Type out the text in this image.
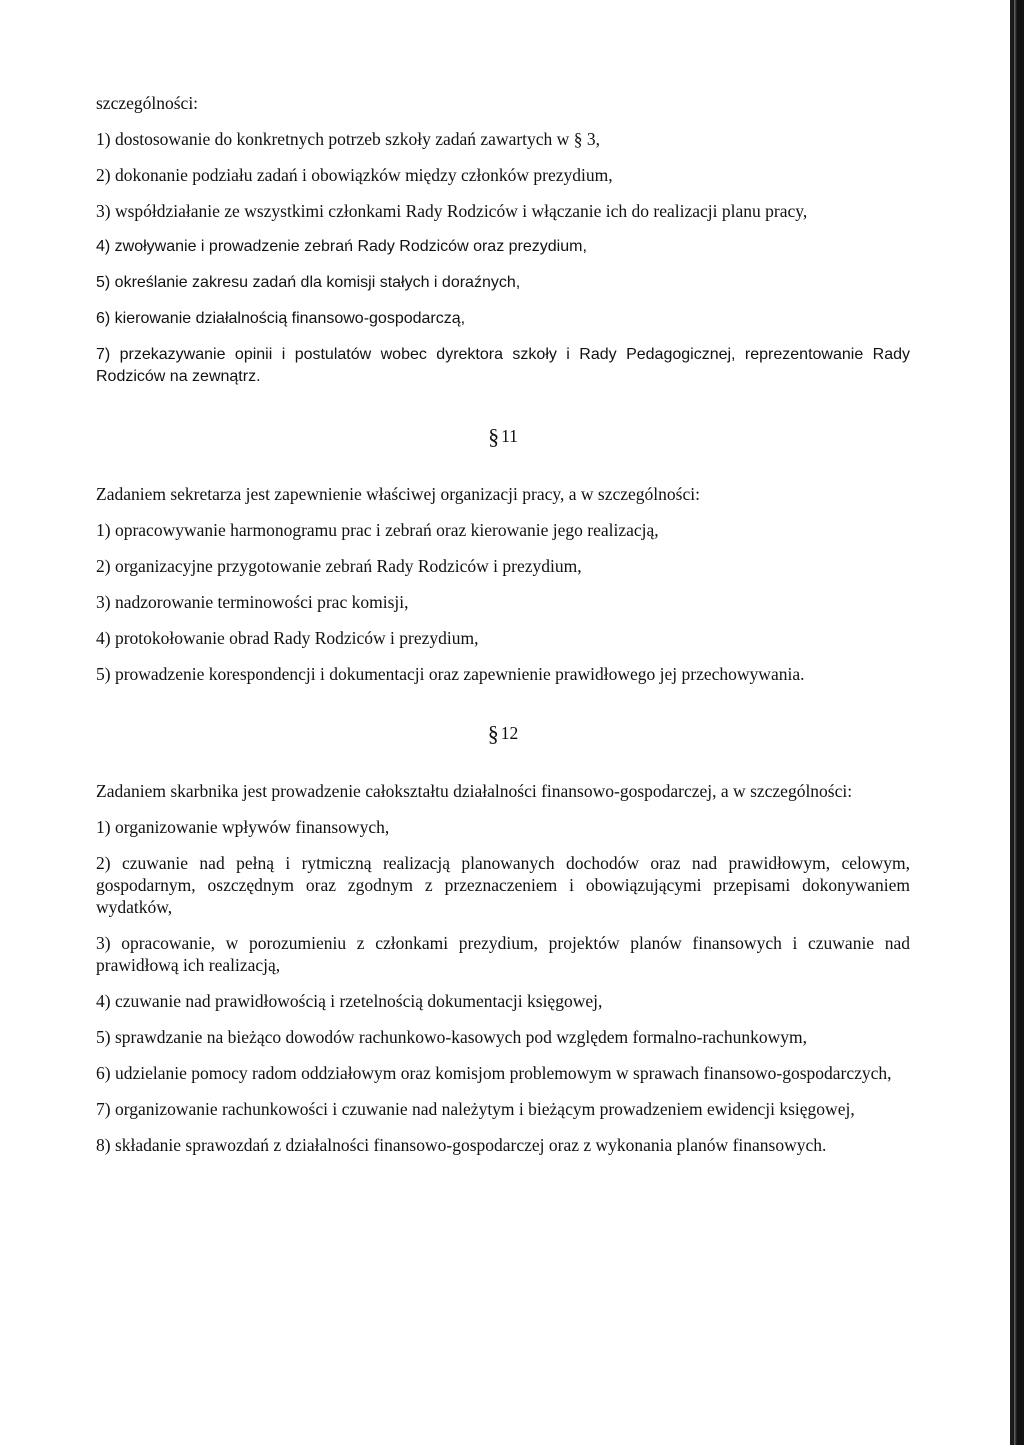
szczególności:

1) dostosowanie do konkretnych potrzeb szkoły zadań zawartych w § 3,

2) dokonanie podziału zadań i obowiązków między członków prezydium,

3) współdziałanie ze wszystkimi członkami Rady Rodziców i włączanie ich do realizacji planu pracy,

4) zwoływanie i prowadzenie zebrań Rady Rodziców oraz prezydium,

5) określanie zakresu zadań dla komisji stałych i doraźnych,

6) kierowanie działalnością finansowo-gospodarczą,

7) przekazywanie opinii i postulatów wobec dyrektora szkoły i Rady Pedagogicznej, reprezentowanie Rady Rodziców na zewnątrz.

§ 11

Zadaniem sekretarza jest zapewnienie właściwej organizacji pracy, a w szczególności:

1) opracowywanie harmonogramu prac i zebrań oraz kierowanie jego realizacją,

2) organizacyjne przygotowanie zebrań Rady Rodziców i prezydium,

3) nadzorowanie terminowości prac komisji,

4) protokołowanie obrad Rady Rodziców i prezydium,

5) prowadzenie korespondencji i dokumentacji oraz zapewnienie prawidłowego jej przechowywania.

§ 12

Zadaniem skarbnika jest prowadzenie całokształtu działalności finansowo-gospodarczej, a w szczególności:

1) organizowanie wpływów finansowych,

2) czuwanie nad pełną i rytmiczną realizacją planowanych dochodów oraz nad prawidłowym, celowym, gospodarnym, oszczędnym oraz zgodnym z przeznaczeniem i obowiązującymi przepisami dokonywaniem wydatków,

3) opracowanie, w porozumieniu z członkami prezydium, projektów planów finansowych i czuwanie nad prawidłową ich realizacją,

4) czuwanie nad prawidłowością i rzetelnością dokumentacji księgowej,

5) sprawdzanie na bieżąco dowodów rachunkowo-kasowych pod względem formalno-rachunkowym,

6) udzielanie pomocy radom oddziałowym oraz komisjom problemowym w sprawach finansowo-gospodarczych,

7) organizowanie rachunkowości i czuwanie nad należytym i bieżącym prowadzeniem ewidencji księgowej,

8) składanie sprawozdań z działalności finansowo-gospodarczej oraz z wykonania planów finansowych.
